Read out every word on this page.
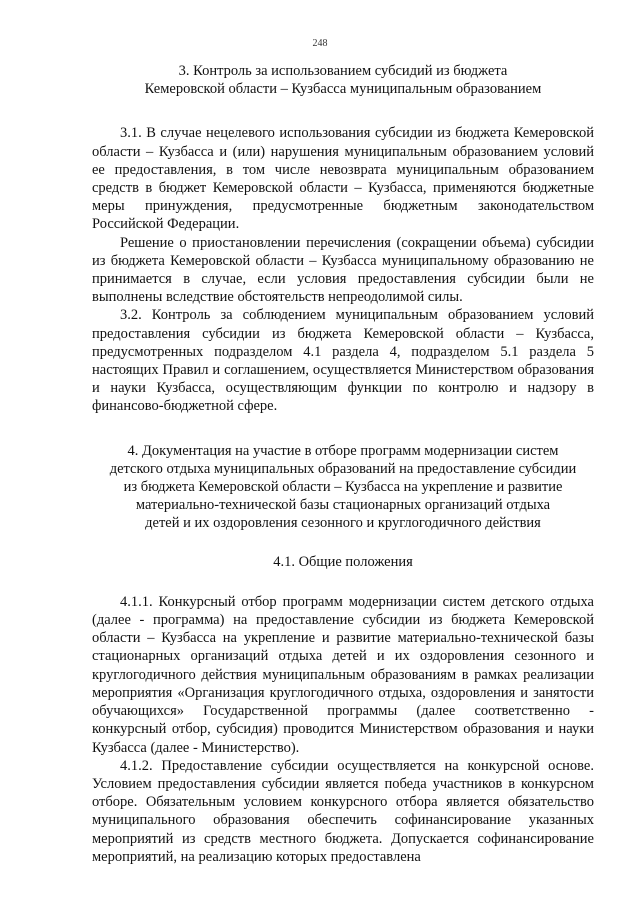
248
3. Контроль за использованием субсидий из бюджета
Кемеровской области – Кузбасса муниципальным образованием

3.1. В случае нецелевого использования субсидии из бюджета Кемеровской области – Кузбасса и (или) нарушения муниципальным образованием условий ее предоставления, в том числе невозврата муниципальным образованием средств в бюджет Кемеровской области – Кузбасса, применяются бюджетные меры принуждения, предусмотренные бюджетным законодательством Российской Федерации.

Решение о приостановлении перечисления (сокращении объема) субсидии из бюджета Кемеровской области – Кузбасса муниципальному образованию не принимается в случае, если условия предоставления субсидии были не выполнены вследствие обстоятельств непреодолимой силы.

3.2. Контроль за соблюдением муниципальным образованием условий предоставления субсидии из бюджета Кемеровской области – Кузбасса, предусмотренных подразделом 4.1 раздела 4, подразделом 5.1 раздела 5 настоящих Правил и соглашением, осуществляется Министерством образования и науки Кузбасса, осуществляющим функции по контролю и надзору в финансово-бюджетной сфере.

4. Документация на участие в отборе программ модернизации систем
детского отдыха муниципальных образований на предоставление субсидии
из бюджета Кемеровской области – Кузбасса на укрепление и развитие
материально-технической базы стационарных организаций отдыха
детей и их оздоровления сезонного и круглогодичного действия
4.1. Общие положения

4.1.1. Конкурсный отбор программ модернизации систем детского отдыха (далее - программа) на предоставление субсидии из бюджета Кемеровской области – Кузбасса на укрепление и развитие материально-технической базы стационарных организаций отдыха детей и их оздоровления сезонного и круглогодичного действия муниципальным образованиям в рамках реализации мероприятия «Организация круглогодичного отдыха, оздоровления и занятости обучающихся» Государственной программы (далее соответственно - конкурсный отбор, субсидия) проводится Министерством образования и науки Кузбасса (далее - Министерство).

4.1.2. Предоставление субсидии осуществляется на конкурсной основе. Условием предоставления субсидии является победа участников в конкурсном отборе. Обязательным условием конкурсного отбора является обязательство муниципального образования обеспечить софинансирование указанных мероприятий из средств местного бюджета. Допускается софинансирование мероприятий, на реализацию которых предоставлена
